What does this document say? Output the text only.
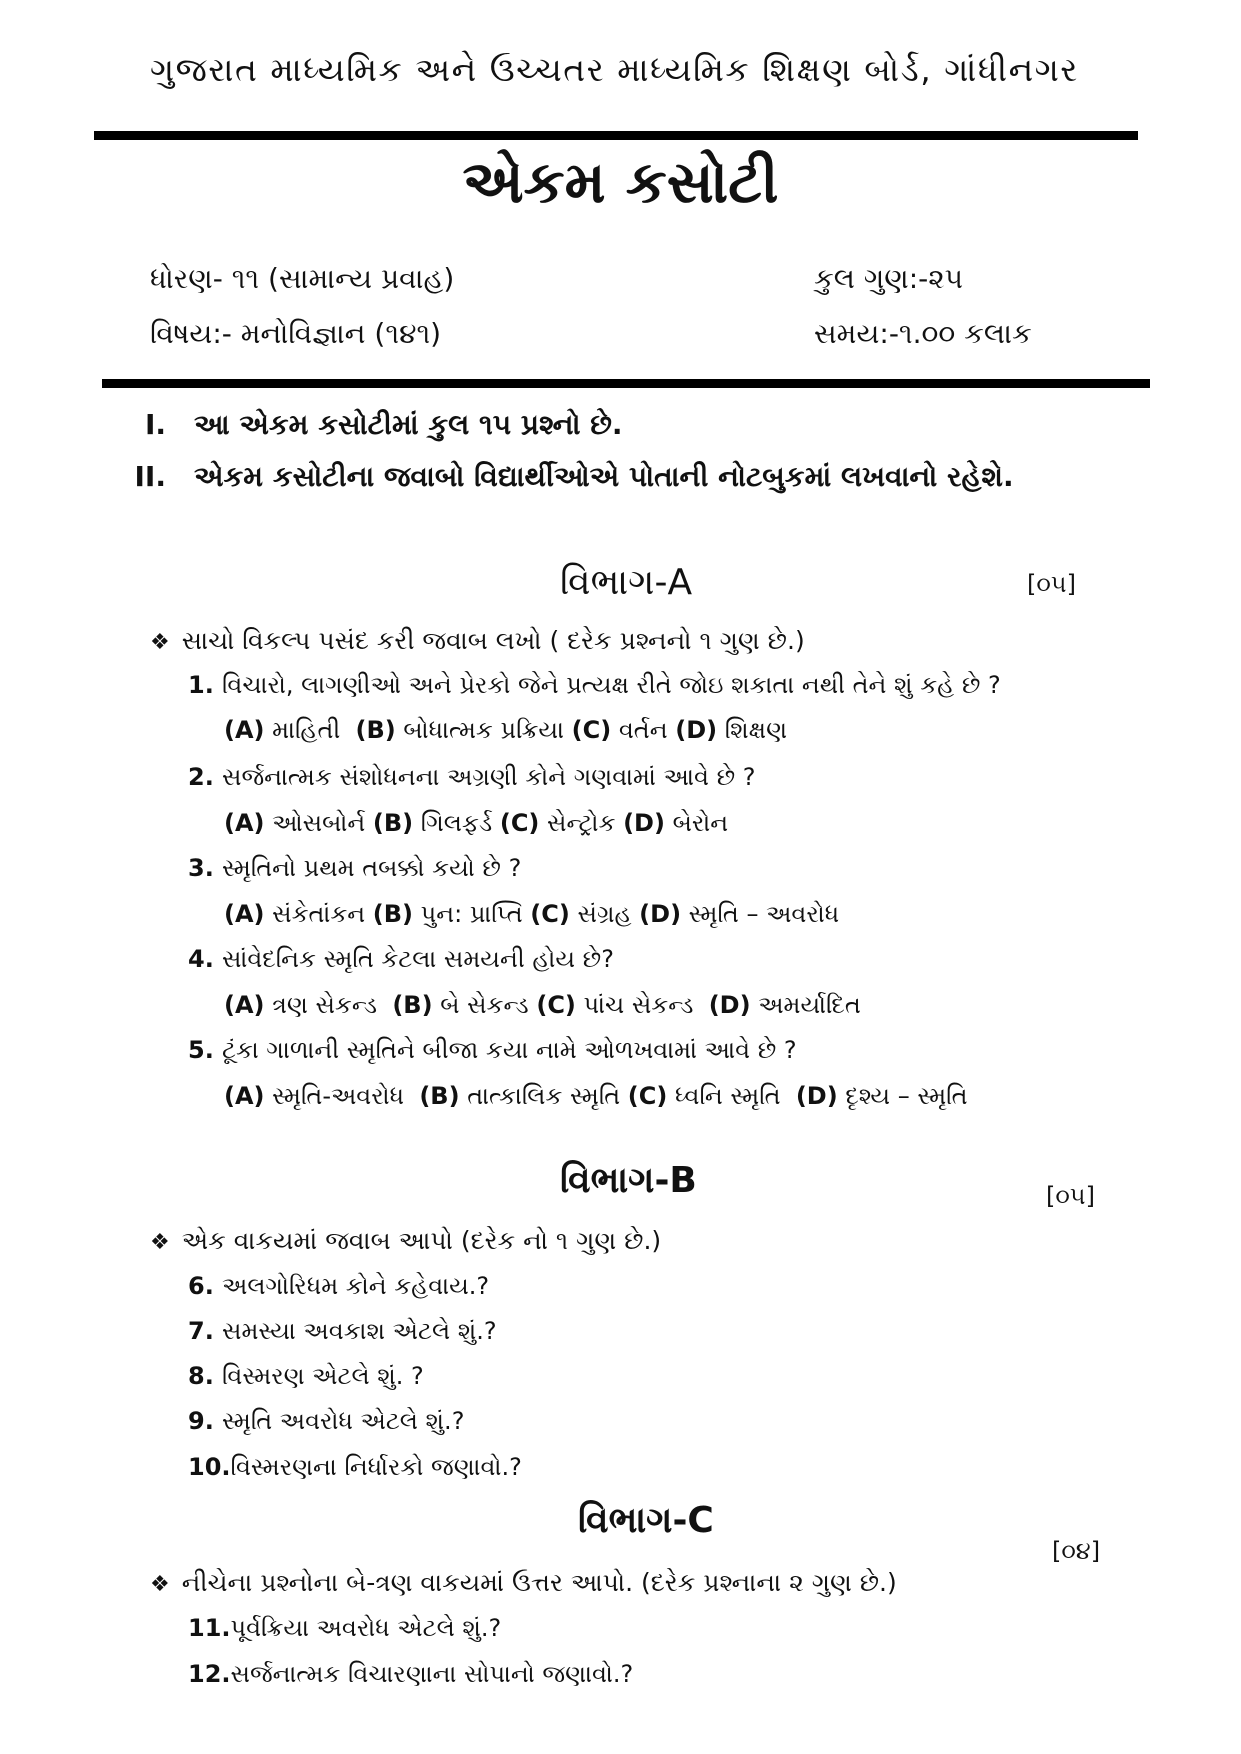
ગુજરાત માધ્યમિક અને ઉચ્ચતર માધ્યમિક શિક્ષણ બોર્ડ, ગાંધીનગર
એકમ કસોટી
ધોરણ- ૧૧ (સામાન્ય પ્રવાહ)	કુલ ગુણ:-૨૫
વિષય:- મનોવિજ્ઞાન (૧૪૧)	સમય:-૧.૦૦ કલાક
I. આ એકમ કસોટીમાં કુલ ૧૫ પ્રશ્નો છે.
II. એકમ કસોટીના જવાબો વિદ્યાર્થીઓએ પોતાની નોટબુકમાં લખવાનો રહેશે.
વિભાગ-A	[૦૫]
❖ સાચો વિકલ્પ પસંદ કરી જવાબ લખો ( દરેક પ્રશ્નનો ૧ ગુણ છે.)
1. વિચારો, લાગણીઓ અને પ્રેરકો જેને પ્રત્યક્ષ રીતે જોઇ શકાતા નથી તેને શું કહે છે ?
(A) માહિતી (B) બોધાત્મક પ્રક્રિયા (C) વર્તન (D) શિક્ષણ
2. સર્જનાત્મક સંશોધનના અગ્રણી કોને ગણવામાં આવે છે ?
(A) ઓસબોર્ન (B) ગિલફર્ડ (C) સેન્ટ્રોક (D) બેરોન
3. સ્મૃતિનો પ્રથમ તબક્કો કયો છે ?
(A) સંકેતાંકન (B) પુન: પ્રાપ્તિ (C) સંગ્રહ (D) સ્મૃતિ – અવરોધ
4. સાંવેદનિક સ્મૃતિ કેટલા સમયની હોય છે?
(A) ત્રણ સેકન્ડ (B) બે સેકન્ડ (C) પાંચ સેકન્ડ (D) અમર્યાદિત
5. ટૂંકા ગાળાની સ્મૃતિને બીજા કયા નામે ઓળખવામાં આવે છે ?
(A) સ્મૃતિ-અવરોધ (B) તાત્કાલિક સ્મૃતિ (C) ધ્વનિ સ્મૃતિ (D) દૃશ્ય – સ્મૃતિ
વિભાગ-B	[૦૫]
❖ એક વાકયમાં જવાબ આપો (દરેક નો ૧ ગુણ છે.)
6. અલગોરિધમ કોને કહેવાય.?
7. સમસ્યા અવકાશ એટલે શું.?
8. વિસ્મરણ એટલે શું. ?
9. સ્મૃતિ અવરોધ એટલે શું.?
10.વિસ્મરણના નિર્ધારકો જણાવો.?
વિભાગ-C
[૦૪]
❖ નીચેના પ્રશ્નોના બે-ત્રણ વાકયમાં ઉત્તર આપો. (દરેક પ્રશ્નાના ૨ ગુણ છે.)
11.પૂર્વક્રિયા અવરોધ એટલે શું.?
12.સર્જનાત્મક વિચારણાના સોપાનો જણાવો.?
